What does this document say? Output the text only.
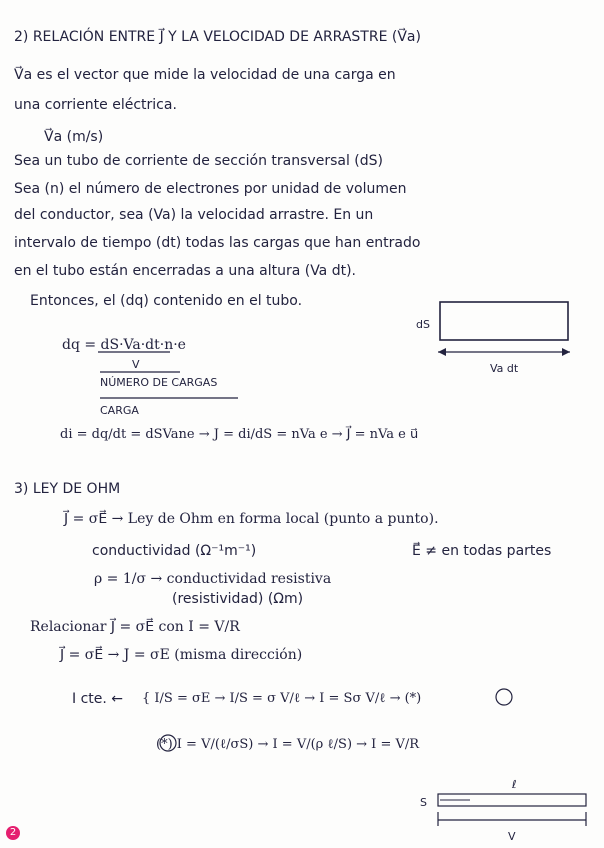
2) RELACIÓN ENTRE J⃗ Y LA VELOCIDAD DE ARRASTRE (V⃗a)
V⃗a es el vector que mide la velocidad de una carga en
una corriente eléctrica.
V⃗a (m/s)
Sea un tubo de corriente de sección transversal (dS)
Sea (n) el número de electrones por unidad de volumen
del conductor, sea (Va) la velocidad arrastre. En un
intervalo de tiempo (dt) todas las cargas que han entrado
en el tubo están encerradas a una altura (Va dt).
Entonces, el (dq) contenido en el tubo.
dq = dS·Va·dt·n·e
V
NÚMERO DE CARGAS
CARGA
di = dq/dt = dSVane → J = di/dS = nVa e → J⃗ = nVa e u⃗
dS
Va dt
3) LEY DE OHM
J⃗ = σE⃗ → Ley de Ohm en forma local (punto a punto).
conductividad (Ω⁻¹m⁻¹)	E⃗ ≠ en todas partes
ρ = 1/σ → conductividad resistiva
(resistividad) (Ωm)
Relacionar J⃗ = σE⃗ con I = V/R
J⃗ = σE⃗ → J = σE (misma dirección)
I cte. ← { I/S = σE → I/S = σ V/ℓ → I = Sσ V/ℓ → (*)
(*) I = V/(ℓ/σS) → I = V/(ρ ℓ/S) → I = V/R
ℓ
S
V
2
